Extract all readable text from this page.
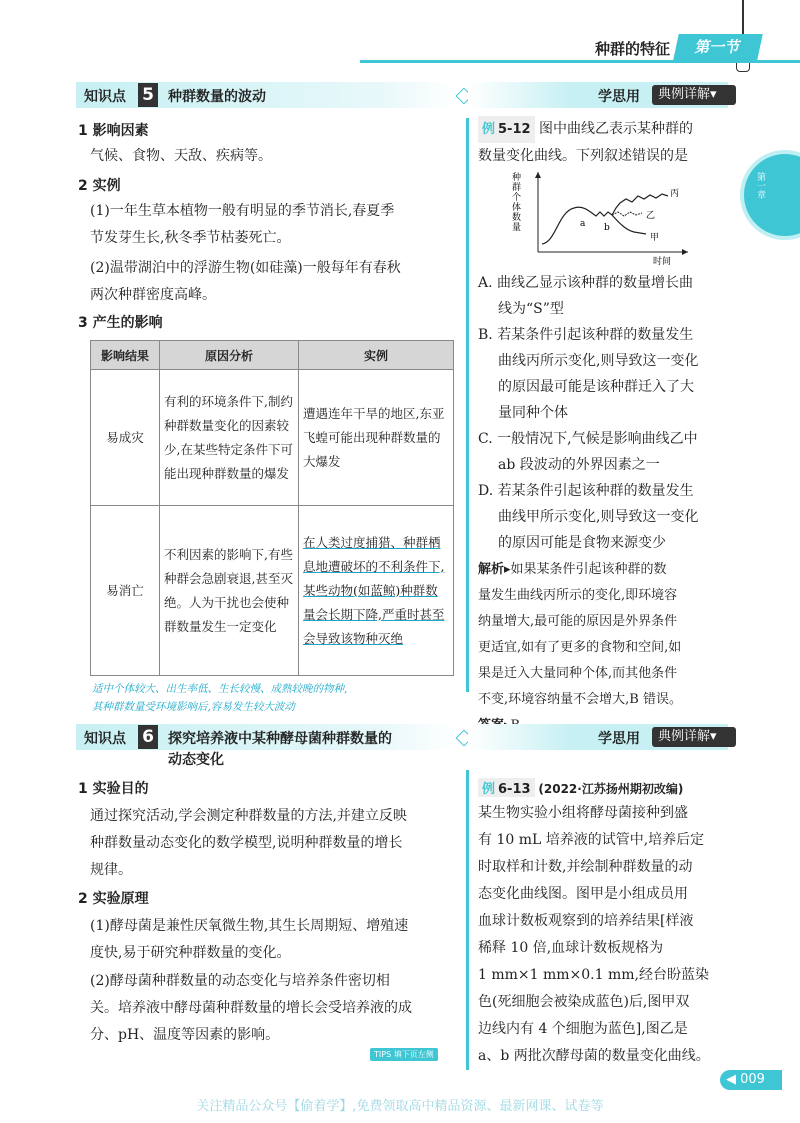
种群的特征	第一节
第一章
知识点 5 种群数量的波动	学思用	典例详解▾
1 影响因素
气候、食物、天敌、疾病等。
2 实例
(1)一年生草本植物一般有明显的季节消长,春夏季
节发芽生长,秋冬季节枯萎死亡。
(2)温带湖泊中的浮游生物(如硅藻)一般每年有春秋
两次种群密度高峰。
3 产生的影响
影响结果	原因分析	实例
易成灾	有利的环境条件下,制约种群数量变化的因素较少,在某些特定条件下可能出现种群数量的爆发	遭遇连年干旱的地区,东亚飞蝗可能出现种群数量的大爆发
易消亡	不利因素的影响下,有些种群会急剧衰退,甚至灭绝。人为干扰也会使种群数量发生一定变化	在人类过度捕猎、种群栖息地遭破坏的不利条件下,某些动物(如蓝鲸)种群数量会长期下降,严重时甚至会导致该物种灭绝
适中个体较大、出生率低、生长较慢、成熟较晚的物种,
其种群数量受环境影响后,容易发生较大波动
例 5-12 图中曲线乙表示某种群的
数量变化曲线。下列叙述错误的是
种群个体数量
时间
a b
丙
乙
甲
A. 曲线乙显示该种群的数量增长曲
线为“S”型
B. 若某条件引起该种群的数量发生
曲线丙所示变化,则导致这一变化
的原因最可能是该种群迁入了大
量同种个体
C. 一般情况下,气候是影响曲线乙中
ab 段波动的外界因素之一
D. 若某条件引起该种群的数量发生
曲线甲所示变化,则导致这一变化
的原因可能是食物来源变少
解析▸如果某条件引起该种群的数
量发生曲线丙所示的变化,即环境容
纳量增大,最可能的原因是外界条件
更适宜,如有了更多的食物和空间,如
果是迁入大量同种个体,而其他条件
不变,环境容纳量不会增大,B 错误。
知识点 6 探究培养液中某种酵母菌种群数量的
动态变化
学思用	典例详解▾
1 实验目的
通过探究活动,学会测定种群数量的方法,并建立反映
种群数量动态变化的数学模型,说明种群数量的增长
规律。
2 实验原理
(1)酵母菌是兼性厌氧微生物,其生长周期短、增殖速
度快,易于研究种群数量的变化。
(2)酵母菌种群数量的动态变化与培养条件密切相
关。培养液中酵母菌种群数量的增长会受培养液的成
分、pH、温度等因素的影响。
TIPS 填下页左侧
例 6-13 (2022·江苏扬州期初改编)
某生物实验小组将酵母菌接种到盛
有 10 mL 培养液的试管中,培养后定
时取样和计数,并绘制种群数量的动
态变化曲线图。图甲是小组成员用
血球计数板观察到的培养结果[样液
稀释 10 倍,血球计数板规格为
1 mm×1 mm×0.1 mm,经台盼蓝染
色(死细胞会被染成蓝色)后,图甲双
边线内有 4 个细胞为蓝色],图乙是
a、b 两批次酵母菌的数量变化曲线。
◀ 009
关注精品公众号【偷着学】,免费领取高中精品资源、最新网课、试卷等
